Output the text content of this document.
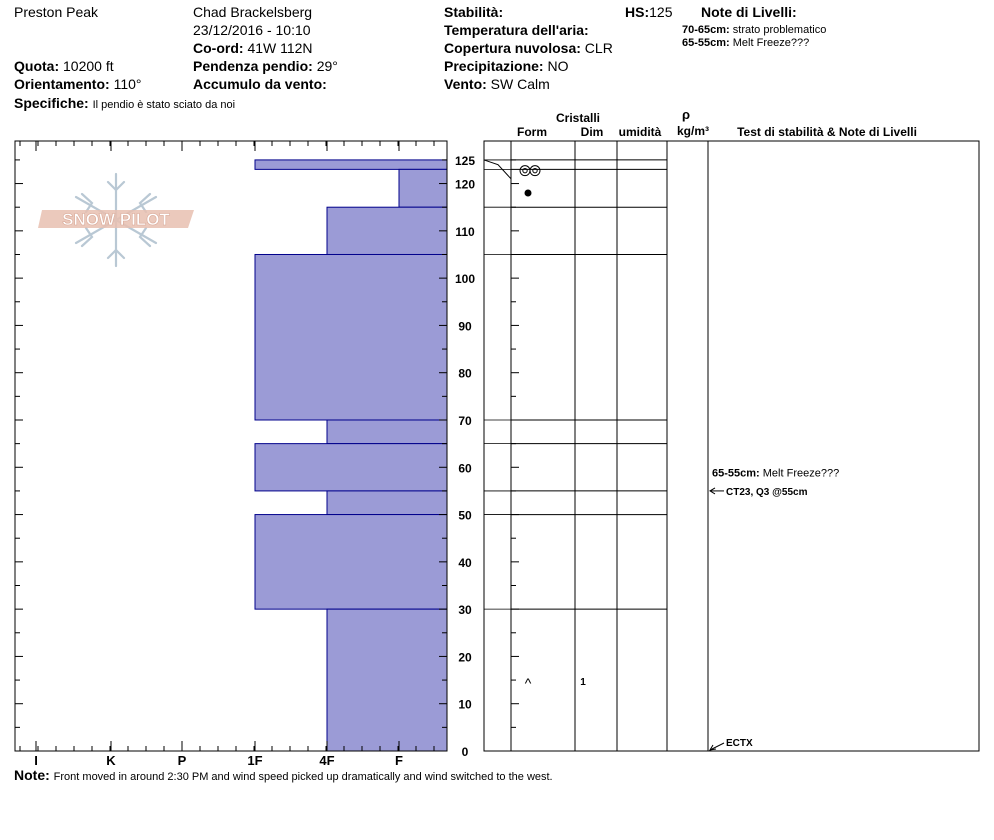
Preston Peak	Chad Brackelsberg
23/12/2016 - 10:10
Co-ord: 41W 112N
Quota: 10200 ft	Pendenza pendio: 29°
Orientamento: 110°	Accumulo da vento:
Specifiche: Il pendio è stato sciato da noi
Stabilità:	HS:125 Note di Livelli:
Temperatura dell'aria:	70-65cm: strato problematico
65-55cm: Melt Freeze???
Copertura nuvolosa: CLR
Precipitazione: NO
Vento: SW Calm
Note: Front moved in around 2:30 PM and wind speed picked up dramatically and wind switched to the west.
^	1
I	K	P	1F	4F	F
0
10
20
30
40
50
60
70
80
90
100
110
120
125
Cristalli
Form	Dim umidità
ρ
kg/m³ Test di stabilità & Note di Livelli
65-55cm: Melt Freeze???
CT23, Q3 @55cm
ECTX
SNOW PILOT
